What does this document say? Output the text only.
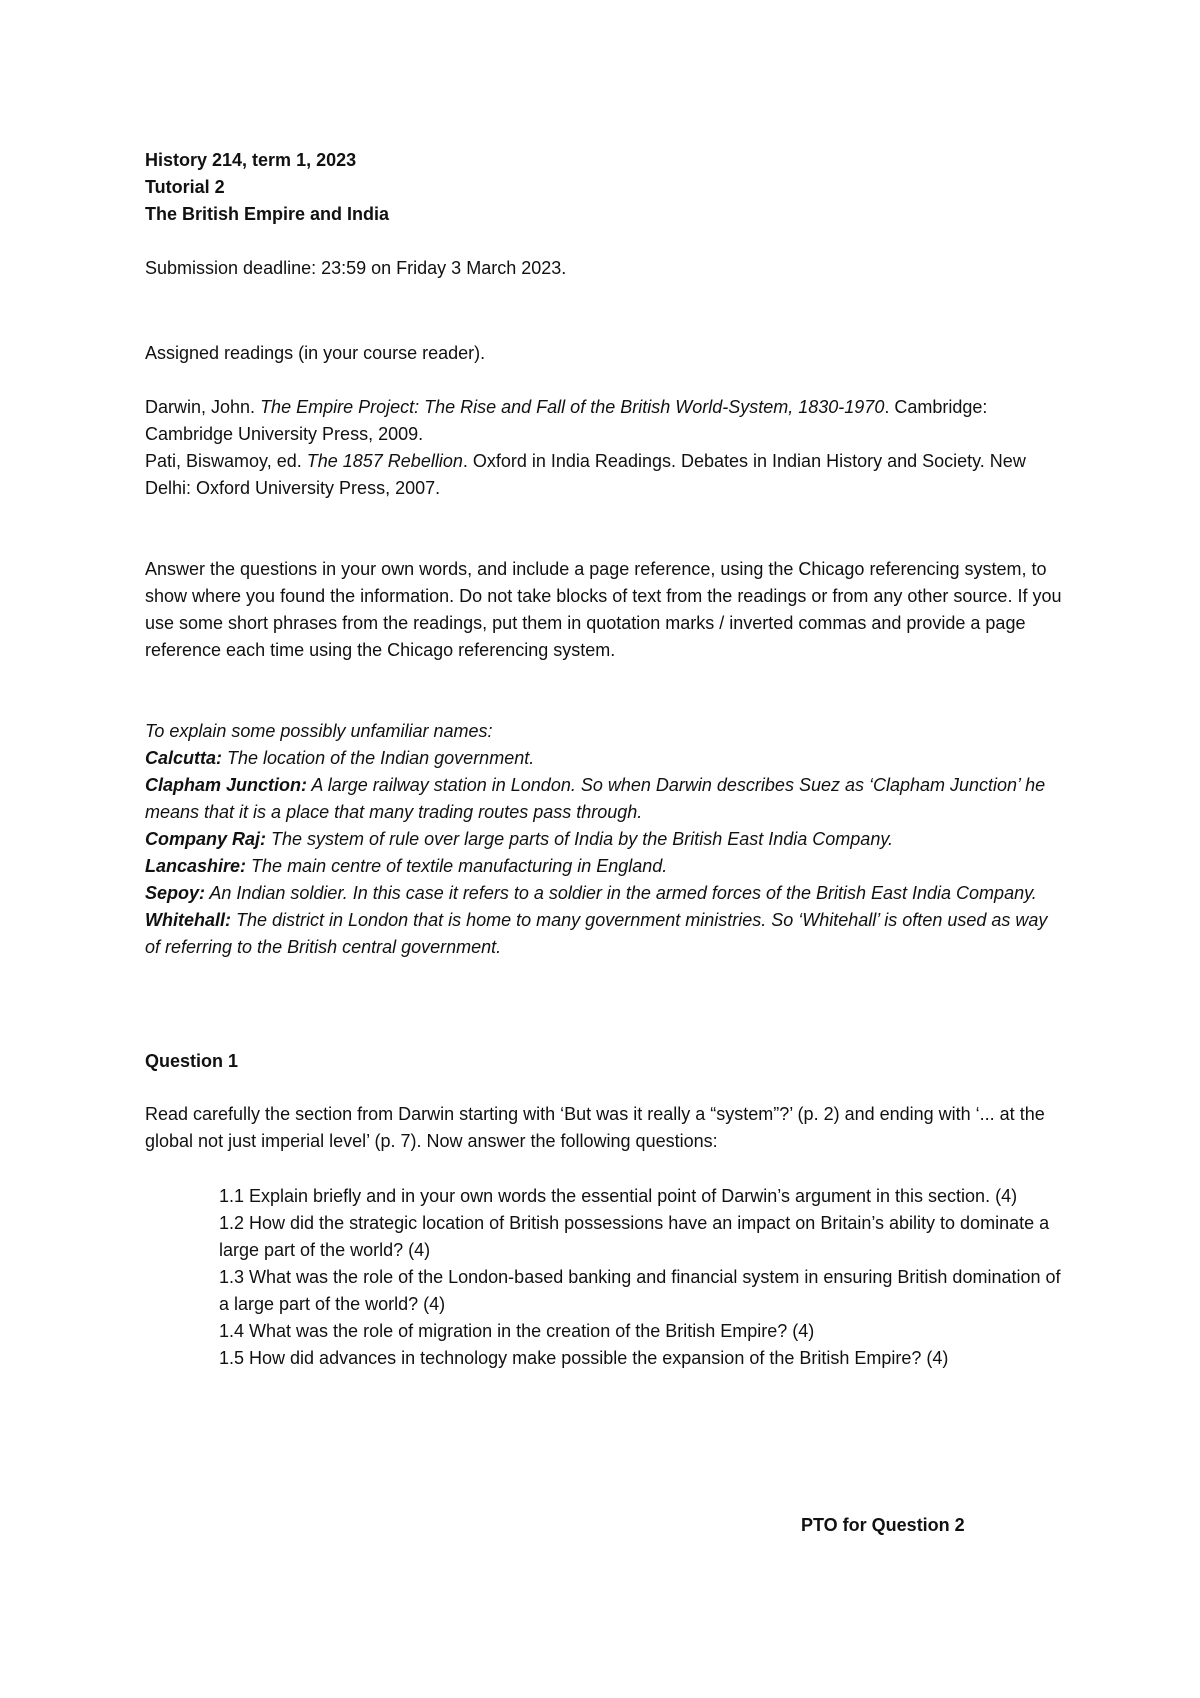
History 214, term 1, 2023

Tutorial 2

The British Empire and India

Submission deadline: 23:59 on Friday 3 March 2023.

Assigned readings (in your course reader).

Darwin, John. The Empire Project: The Rise and Fall of the British World-System, 1830-1970. Cambridge: Cambridge University Press, 2009.

Pati, Biswamoy, ed. The 1857 Rebellion. Oxford in India Readings. Debates in Indian History and Society. New Delhi: Oxford University Press, 2007.

Answer the questions in your own words, and include a page reference, using the Chicago referencing system, to show where you found the information. Do not take blocks of text from the readings or from any other source. If you use some short phrases from the readings, put them in quotation marks / inverted commas and provide a page reference each time using the Chicago referencing system.

To explain some possibly unfamiliar names:

Calcutta: The location of the Indian government.

Clapham Junction: A large railway station in London. So when Darwin describes Suez as ‘Clapham Junction’ he means that it is a place that many trading routes pass through.

Company Raj: The system of rule over large parts of India by the British East India Company.

Lancashire: The main centre of textile manufacturing in England.

Sepoy: An Indian soldier. In this case it refers to a soldier in the armed forces of the British East India Company.

Whitehall: The district in London that is home to many government ministries. So ‘Whitehall’ is often used as way of referring to the British central government.

Question 1

Read carefully the section from Darwin starting with ‘But was it really a “system”?’ (p. 2) and ending with ‘... at the global not just imperial level’ (p. 7). Now answer the following questions:

1.1 Explain briefly and in your own words the essential point of Darwin’s argument in this section. (4)

1.2 How did the strategic location of British possessions have an impact on Britain’s ability to dominate a large part of the world? (4)

1.3 What was the role of the London-based banking and financial system in ensuring British domination of a large part of the world? (4)

1.4 What was the role of migration in the creation of the British Empire? (4)

1.5 How did advances in technology make possible the expansion of the British Empire? (4)

PTO for Question 2
